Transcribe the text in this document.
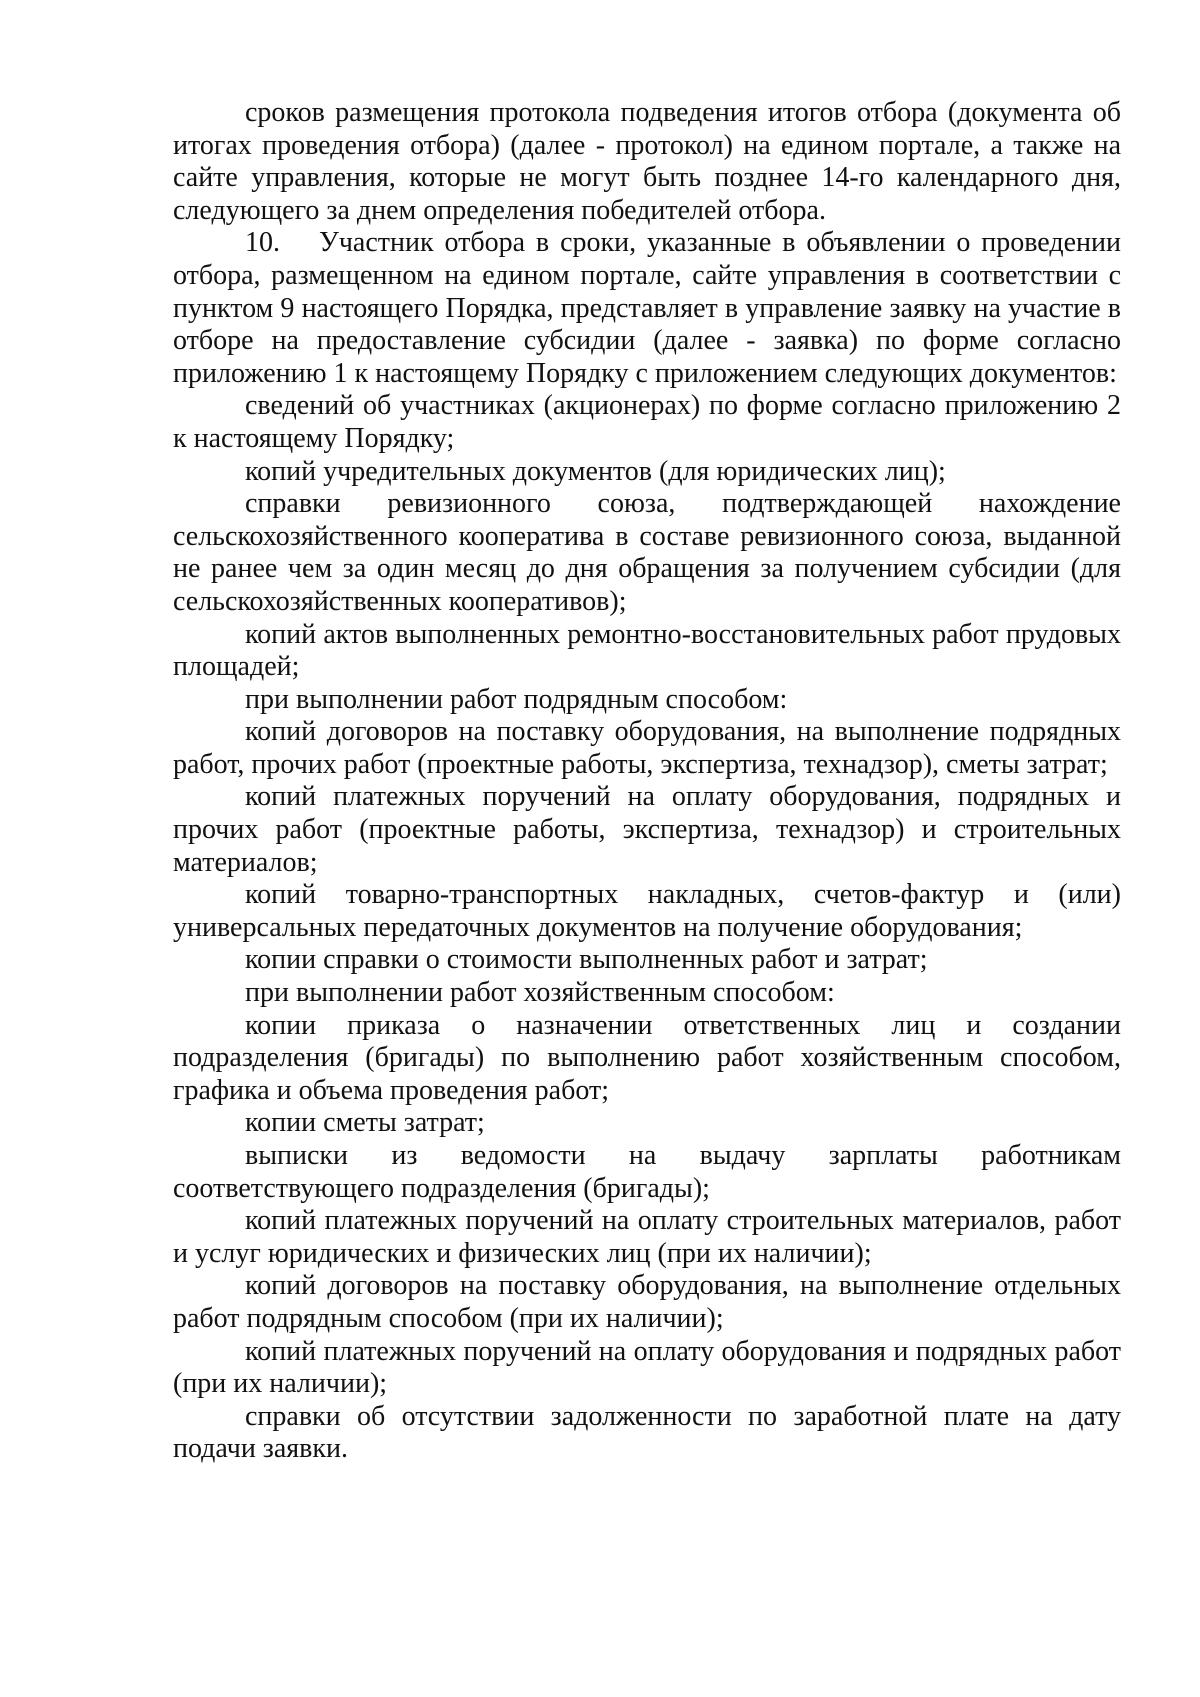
сроков размещения протокола подведения итогов отбора (документа об итогах проведения отбора) (далее - протокол) на едином портале, а также на сайте управления, которые не могут быть позднее 14-го календарного дня, следующего за днем определения победителей отбора.

10. Участник отбора в сроки, указанные в объявлении о проведении отбора, размещенном на едином портале, сайте управления в соответствии с пунктом 9 настоящего Порядка, представляет в управление заявку на участие в отборе на предоставление субсидии (далее - заявка) по форме согласно приложению 1 к настоящему Порядку с приложением следующих документов:

сведений об участниках (акционерах) по форме согласно приложению 2 к настоящему Порядку;

копий учредительных документов (для юридических лиц);

справки ревизионного союза, подтверждающей нахождение сельскохозяйственного кооператива в составе ревизионного союза, выданной не ранее чем за один месяц до дня обращения за получением субсидии (для сельскохозяйственных кооперативов);

копий актов выполненных ремонтно-восстановительных работ прудовых площадей;

при выполнении работ подрядным способом:

копий договоров на поставку оборудования, на выполнение подрядных работ, прочих работ (проектные работы, экспертиза, технадзор), сметы затрат;

копий платежных поручений на оплату оборудования, подрядных и прочих работ (проектные работы, экспертиза, технадзор) и строительных материалов;

копий товарно-транспортных накладных, счетов-фактур и (или) универсальных передаточных документов на получение оборудования;

копии справки о стоимости выполненных работ и затрат;

при выполнении работ хозяйственным способом:

копии приказа о назначении ответственных лиц и создании подразделения (бригады) по выполнению работ хозяйственным способом, графика и объема проведения работ;

копии сметы затрат;

выписки из ведомости на выдачу зарплаты работникам соответствующего подразделения (бригады);

копий платежных поручений на оплату строительных материалов, работ и услуг юридических и физических лиц (при их наличии);

копий договоров на поставку оборудования, на выполнение отдельных работ подрядным способом (при их наличии);

копий платежных поручений на оплату оборудования и подрядных работ (при их наличии);

справки об отсутствии задолженности по заработной плате на дату подачи заявки.
